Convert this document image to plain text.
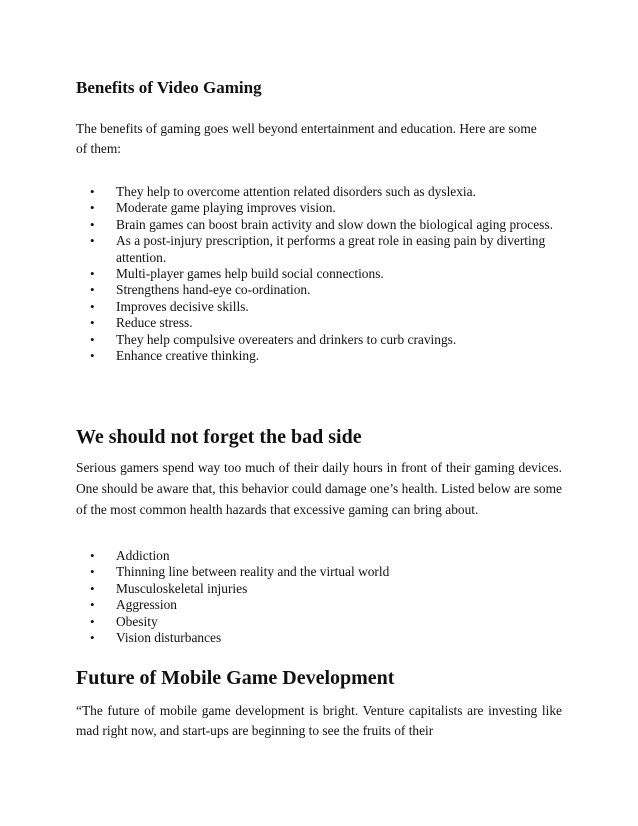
Benefits of Video Gaming

The benefits of gaming goes well beyond entertainment and education. Here are some of them:

• They help to overcome attention related disorders such as dyslexia.
• Moderate game playing improves vision.
• Brain games can boost brain activity and slow down the biological aging process.
• As a post-injury prescription, it performs a great role in easing pain by diverting attention.
• Multi-player games help build social connections.
• Strengthens hand-eye co-ordination.
• Improves decisive skills.
• Reduce stress.
• They help compulsive overeaters and drinkers to curb cravings.
• Enhance creative thinking.
We should not forget the bad side

Serious gamers spend way too much of their daily hours in front of their gaming devices. One should be aware that, this behavior could damage one’s health. Listed below are some of the most common health hazards that excessive gaming can bring about.

• Addiction
• Thinning line between reality and the virtual world
• Musculoskeletal injuries
• Aggression
• Obesity
• Vision disturbances
Future of Mobile Game Development

“The future of mobile game development is bright. Venture capitalists are investing like mad right now, and start-ups are beginning to see the fruits of their
